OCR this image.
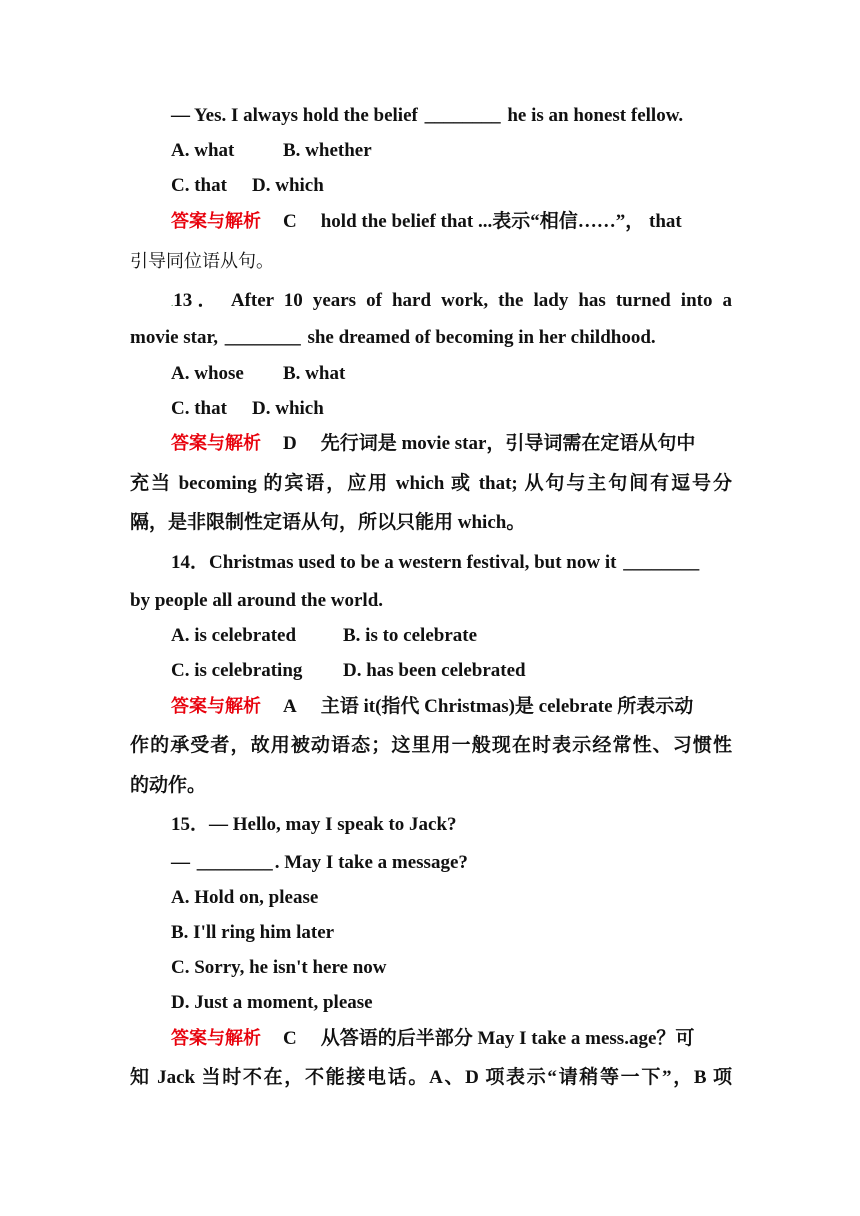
— Yes. I always hold the belief ________ he is an honest fellow.
A. what	B. whether
C. that D. which
答案与解析 C hold the belief that ...表示“相信……”， that
引导同位语从句。
.13． After 10 years of hard work, the lady has turned into a
movie star, ________ she dreamed of becoming in her childhood.
A. whose B. what
C. that D. which
答案与解析 D 先行词是 movie star，引导词需在定语从句中
充当 becoming 的宾语，应用 which 或 that; 从句与主句间有逗号分
隔，是非限制性定语从句，所以只能用 which。
14．Christmas used to be a western festival, but now it ________
by people all around the world.
A. is celebrated B. is to celebrate
C. is celebrating D. has been celebrated
答案与解析 A 主语 it(指代 Christmas)是 celebrate 所表示动
作的承受者，故用被动语态；这里用一般现在时表示经常性、习惯性
的动作。
15．— Hello, may I speak to Jack?
— ________ . May I take a message?
A. Hold on, please
B. I'll ring him later
C. Sorry, he isn't here now
D. Just a moment, please
答案与解析 C 从答语的后半部分 May I take a mess.age？可
知 Jack 当时不在，不能接电话。A、D 项表示“请稍等一下”，B 项
